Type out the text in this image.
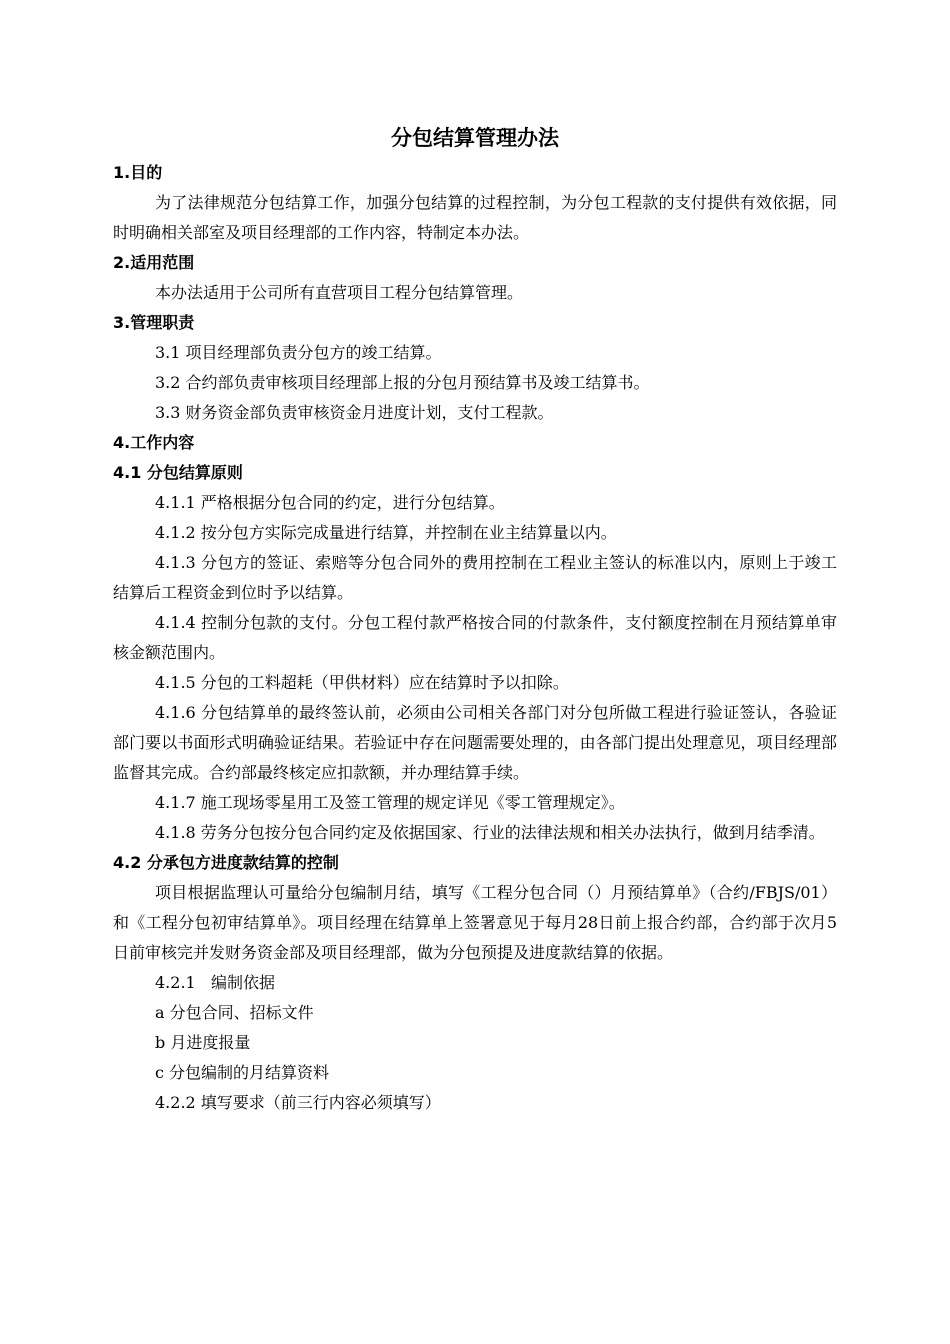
分包结算管理办法
1.目的
为了法律规范分包结算工作，加强分包结算的过程控制，为分包工程款的支付提供有效依据，同时明确相关部室及项目经理部的工作内容，特制定本办法。
2.适用范围
本办法适用于公司所有直营项目工程分包结算管理。
3.管理职责
3.1 项目经理部负责分包方的竣工结算。
3.2 合约部负责审核项目经理部上报的分包月预结算书及竣工结算书。
3.3 财务资金部负责审核资金月进度计划，支付工程款。
4.工作内容
4.1 分包结算原则
4.1.1 严格根据分包合同的约定，进行分包结算。
4.1.2 按分包方实际完成量进行结算，并控制在业主结算量以内。
4.1.3 分包方的签证、索赔等分包合同外的费用控制在工程业主签认的标准以内，原则上于竣工结算后工程资金到位时予以结算。
4.1.4 控制分包款的支付。分包工程付款严格按合同的付款条件，支付额度控制在月预结算单审核金额范围内。
4.1.5 分包的工料超耗（甲供材料）应在结算时予以扣除。
4.1.6 分包结算单的最终签认前，必须由公司相关各部门对分包所做工程进行验证签认，各验证部门要以书面形式明确验证结果。若验证中存在问题需要处理的，由各部门提出处理意见，项目经理部监督其完成。合约部最终核定应扣款额，并办理结算手续。
4.1.7 施工现场零星用工及签工管理的规定详见《零工管理规定》。
4.1.8 劳务分包按分包合同约定及依据国家、行业的法律法规和相关办法执行，做到月结季清。
4.2 分承包方进度款结算的控制
项目根据监理认可量给分包编制月结，填写《工程分包合同（）月预结算单》（合约/FBJS/01）和《工程分包初审结算单》。项目经理在结算单上签署意见于每月28日前上报合约部，合约部于次月5日前审核完并发财务资金部及项目经理部，做为分包预提及进度款结算的依据。
4.2.1   编制依据
a 分包合同、招标文件
b 月进度报量
c 分包编制的月结算资料
4.2.2 填写要求（前三行内容必须填写）
